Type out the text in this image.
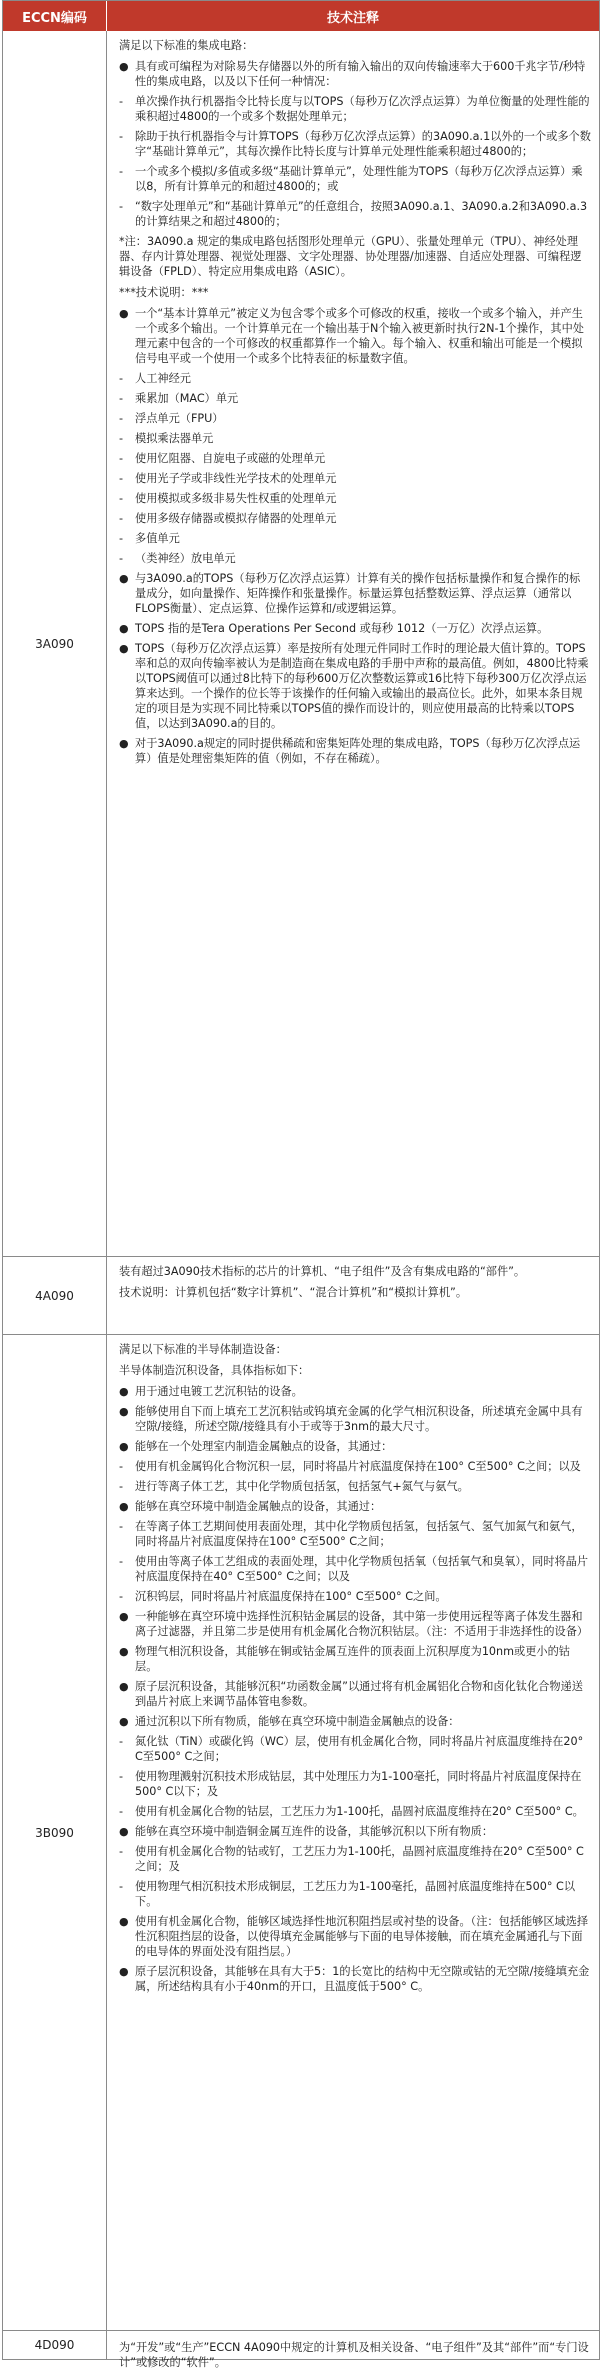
ECCN编码	技术注释
3A090
满足以下标准的集成电路：
● 具有或可编程为对除易失存储器以外的所有输入输出的双向传输速率大于600千兆字节/秒特性的集成电路，以及以下任何一种情况：
-	单次操作执行机器指令比特长度与以TOPS（每秒万亿次浮点运算）为单位衡量的处理性能的乘积超过4800的一个或多个数据处理单元；
-	除助于执行机器指令与计算TOPS（每秒万亿次浮点运算）的3A090.a.1以外的一个或多个数字“基础计算单元”，其每次操作比特长度与计算单元处理性能乘积超过4800的；
-	一个或多个模拟/多值或多级“基础计算单元”，处理性能为TOPS（每秒万亿次浮点运算）乘以8，所有计算单元的和超过4800的；或
-	“数字处理单元”和“基础计算单元”的任意组合，按照3A090.a.1、3A090.a.2和3A090.a.3的计算结果之和超过4800的；
*注：3A090.a 规定的集成电路包括图形处理单元（GPU）、张量处理单元（TPU）、神经处理器、存内计算处理器、视觉处理器、文字处理器、协处理器/加速器、自适应处理器、可编程逻辑设备（FPLD）、特定应用集成电路（ASIC）。
***技术说明：***
● 一个“基本计算单元”被定义为包含零个或多个可修改的权重，接收一个或多个输入，并产生一个或多个输出。一个计算单元在一个输出基于N个输入被更新时执行2N-1个操作，其中处理元素中包含的一个可修改的权重都算作一个输入。每个输入、权重和输出可能是一个模拟信号电平或一个使用一个或多个比特表征的标量数字值。
-	人工神经元
-	乘累加（MAC）单元
-	浮点单元（FPU）
-	模拟乘法器单元
-	使用忆阻器、自旋电子或磁的处理单元
-	使用光子学或非线性光学技术的处理单元
-	使用模拟或多级非易失性权重的处理单元
-	使用多级存储器或模拟存储器的处理单元
-	多值单元
-	（类神经）放电单元
● 与3A090.a的TOPS（每秒万亿次浮点运算）计算有关的操作包括标量操作和复合操作的标量成分，如向量操作、矩阵操作和张量操作。标量运算包括整数运算、浮点运算（通常以FLOPS衡量）、定点运算、位操作运算和/或逻辑运算。
● TOPS 指的是Tera Operations Per Second 或每秒 1012（一万亿）次浮点运算。
● TOPS（每秒万亿次浮点运算）率是按所有处理元件同时工作时的理论最大值计算的。TOPS率和总的双向传输率被认为是制造商在集成电路的手册中声称的最高值。例如，4800比特乘以TOPS阈值可以通过8比特下的每秒600万亿次整数运算或16比特下每秒300万亿次浮点运算来达到。一个操作的位长等于该操作的任何输入或输出的最高位长。此外，如果本条目规定的项目是为实现不同比特乘以TOPS值的操作而设计的，则应使用最高的比特乘以TOPS值，以达到3A090.a的目的。
● 对于3A090.a规定的同时提供稀疏和密集矩阵处理的集成电路，TOPS（每秒万亿次浮点运算）值是处理密集矩阵的值（例如，不存在稀疏）。
4A090
装有超过3A090技术指标的芯片的计算机、“电子组件”及含有集成电路的“部件”。
技术说明：计算机包括“数字计算机”、“混合计算机”和“模拟计算机”。
3B090
满足以下标准的半导体制造设备：
半导体制造沉积设备，具体指标如下：
● 用于通过电镀工艺沉积钴的设备。
● 能够使用自下而上填充工艺沉积钴或钨填充金属的化学气相沉积设备，所述填充金属中具有空隙/接缝，所述空隙/接缝具有小于或等于3nm的最大尺寸。
● 能够在一个处理室内制造金属触点的设备，其通过：
-	使用有机金属钨化合物沉积一层，同时将晶片衬底温度保持在100° C至500° C之间；以及
-	进行等离子体工艺，其中化学物质包括氢，包括氢气+氮气与氨气。
● 能够在真空环境中制造金属触点的设备，其通过：
-	在等离子体工艺期间使用表面处理，其中化学物质包括氢，包括氢气、氢气加氮气和氨气，同时将晶片衬底温度保持在100° C至500° C之间；
-	使用由等离子体工艺组成的表面处理，其中化学物质包括氧（包括氧气和臭氧），同时将晶片衬底温度保持在40° C至500° C之间；以及
-	沉积钨层，同时将晶片衬底温度保持在100° C至500° C之间。
● 一种能够在真空环境中选择性沉积钴金属层的设备，其中第一步使用远程等离子体发生器和离子过滤器，并且第二步是使用有机金属化合物沉积钴层。（注：不适用于非选择性的设备）
● 物理气相沉积设备，其能够在铜或钴金属互连件的顶表面上沉积厚度为10nm或更小的钴层。
● 原子层沉积设备，其能够沉积“功函数金属”以通过将有机金属铝化合物和卤化钛化合物递送到晶片衬底上来调节晶体管电参数。
● 通过沉积以下所有物质，能够在真空环境中制造金属触点的设备：
-	氮化钛（TiN）或碳化钨（WC）层，使用有机金属化合物，同时将晶片衬底温度维持在20° C至500° C之间；
-	使用物理溅射沉积技术形成钴层，其中处理压力为1-100毫托，同时将晶片衬底温度保持在500° C以下；及
-	使用有机金属化合物的钴层，工艺压力为1-100托，晶圆衬底温度维持在20° C至500° C。
● 能够在真空环境中制造铜金属互连件的设备，其能够沉积以下所有物质：
-	使用有机金属化合物的钴或钌，工艺压力为1-100托，晶圆衬底温度维持在20° C至500° C之间；及
-	使用物理气相沉积技术形成铜层，工艺压力为1-100毫托，晶圆衬底温度维持在500° C以下。
● 使用有机金属化合物，能够区域选择性地沉积阻挡层或衬垫的设备。（注：包括能够区域选择性沉积阻挡层的设备，以使得填充金属能够与下面的电导体接触，而在填充金属通孔与下面的电导体的界面处没有阻挡层。）
● 原子层沉积设备，其能够在具有大于5：1的长宽比的结构中无空隙或钴的无空隙/接缝填充金属，所述结构具有小于40nm的开口，且温度低于500° C。
4D090	为“开发”或“生产”ECCN 4A090中规定的计算机及相关设备、“电子组件”及其“部件”而“专门设计”或修改的“软件”。
